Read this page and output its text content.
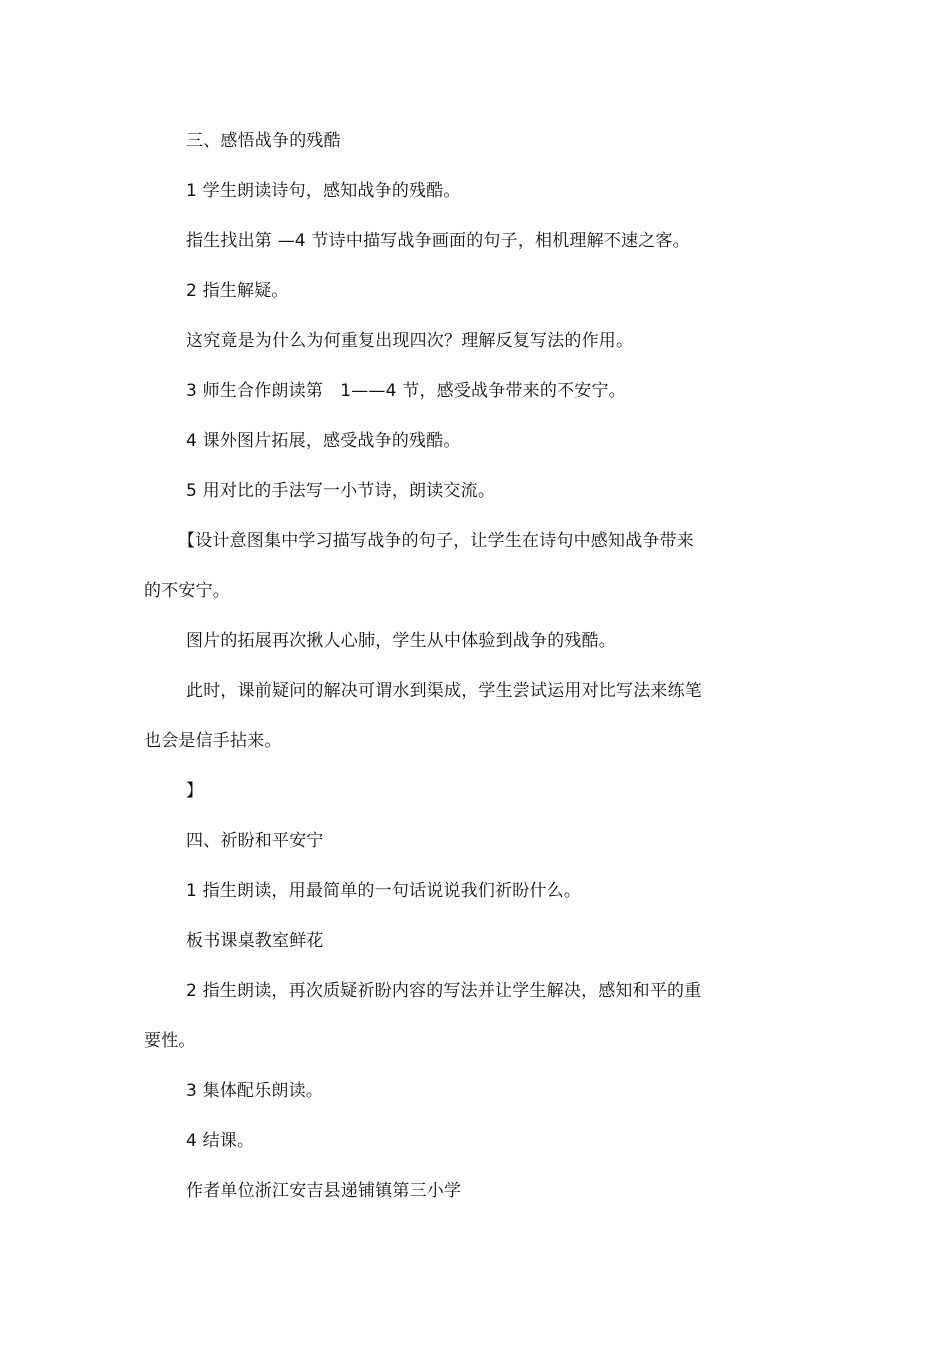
三、感悟战争的残酷
1 学生朗读诗句，感知战争的残酷。
指生找出第 —4 节诗中描写战争画面的句子，相机理解不速之客。
2 指生解疑。
这究竟是为什么为何重复出现四次？理解反复写法的作用。
3 师生合作朗读第　1——4 节，感受战争带来的不安宁。
4 课外图片拓展，感受战争的残酷。
5 用对比的手法写一小节诗，朗读交流。
【设计意图集中学习描写战争的句子，让学生在诗句中感知战争带来
的不安宁。
图片的拓展再次揪人心肺，学生从中体验到战争的残酷。
此时，课前疑问的解决可谓水到渠成，学生尝试运用对比写法来练笔
也会是信手拈来。
】
四、祈盼和平安宁
1 指生朗读，用最简单的一句话说说我们祈盼什么。
板书课桌教室鲜花
2 指生朗读，再次质疑祈盼内容的写法并让学生解决，感知和平的重
要性。
3 集体配乐朗读。
4 结课。
作者单位浙江安吉县递铺镇第三小学
